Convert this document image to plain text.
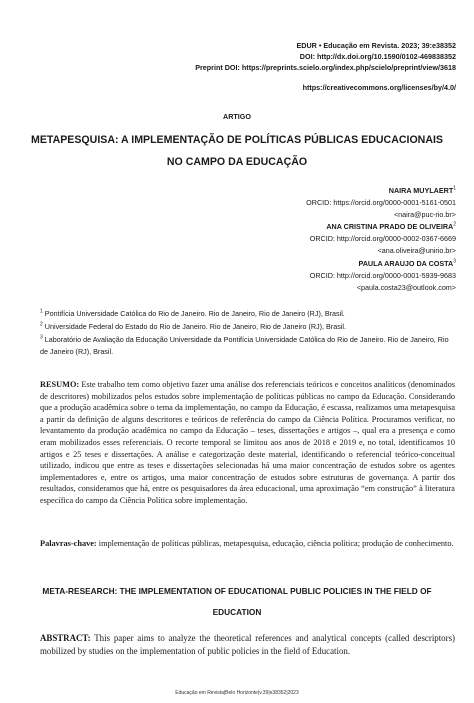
EDUR • Educação em Revista. 2023; 39:e38352
DOI: http://dx.doi.org/10.1590/0102-469838352
Preprint DOI: https://preprints.scielo.org/index.php/scielo/preprint/view/3618
https://creativecommons.org/licenses/by/4.0/
ARTIGO
METAPESQUISA: A IMPLEMENTAÇÃO DE POLÍTICAS PÚBLICAS EDUCACIONAIS NO CAMPO DA EDUCAÇÃO
NAIRA MUYLAERT$^1$
ORCID: https://orcid.org/0000-0001-5161-0501
<naira@puc-rio.br>
ANA CRISTINA PRADO DE OLIVEIRA$^2$
ORCID: http://orcid.org/0000-0002-0367-6669
<ana.oliveira@unirio.br>
PAULA ARAUJO DA COSTA$^3$
ORCID: http://orcid.org/0000-0001-5939-9683
<paula.costa23@outlook.com>

$^1$ Pontifícia Universidade Católica do Rio de Janeiro. Rio de Janeiro, Rio de Janeiro (RJ), Brasil.

$^2$ Universidade Federal do Estado do Rio de Janeiro. Rio de Janeiro, Rio de Janeiro (RJ), Brasil.

$^3$ Laboratório de Avaliação da Educação Universidade da Pontifícia Universidade Católica do Rio de Janeiro. Rio de Janeiro, Rio de Janeiro (RJ), Brasil.

RESUMO: Este trabalho tem como objetivo fazer uma análise dos referenciais teóricos e conceitos analíticos (denominados de descritores) mobilizados pelos estudos sobre implementação de políticas públicas no campo da Educação. Considerando que a produção acadêmica sobre o tema da implementação, no campo da Educação, é escassa, realizamos uma metapesquisa a partir da definição de alguns descritores e teóricos de referência do campo da Ciência Política. Procuramos verificar, no levantamento da produção acadêmica no campo da Educação – teses, dissertações e artigos –, qual era a presença e como eram mobilizados esses referenciais. O recorte temporal se limitou aos anos de 2018 e 2019 e, no total, identificamos 10 artigos e 25 teses e dissertações. A análise e categorização deste material, identificando o referencial teórico-conceitual utilizado, indicou que entre as teses e dissertações selecionadas há uma maior concentração de estudos sobre os agentes implementadores e, entre os artigos, uma maior concentração de estudos sobre estruturas de governança. A partir dos resultados, consideramos que há, entre os pesquisadores da área educacional, uma aproximação “em construção” à literatura específica do campo da Ciência Política sobre implementação.
Palavras-chave: implementação de políticas públicas, metapesquisa, educação, ciência política; produção de conhecimento.
META-RESEARCH: THE IMPLEMENTATION OF EDUCATIONAL PUBLIC POLICIES IN THE FIELD OF EDUCATION
ABSTRACT: This paper aims to analyze the theoretical references and analytical concepts (called descriptors) mobilized by studies on the implementation of public policies in the field of Education.
Educação em Revista|Belo Horizonte|v.39|e38352|2023
